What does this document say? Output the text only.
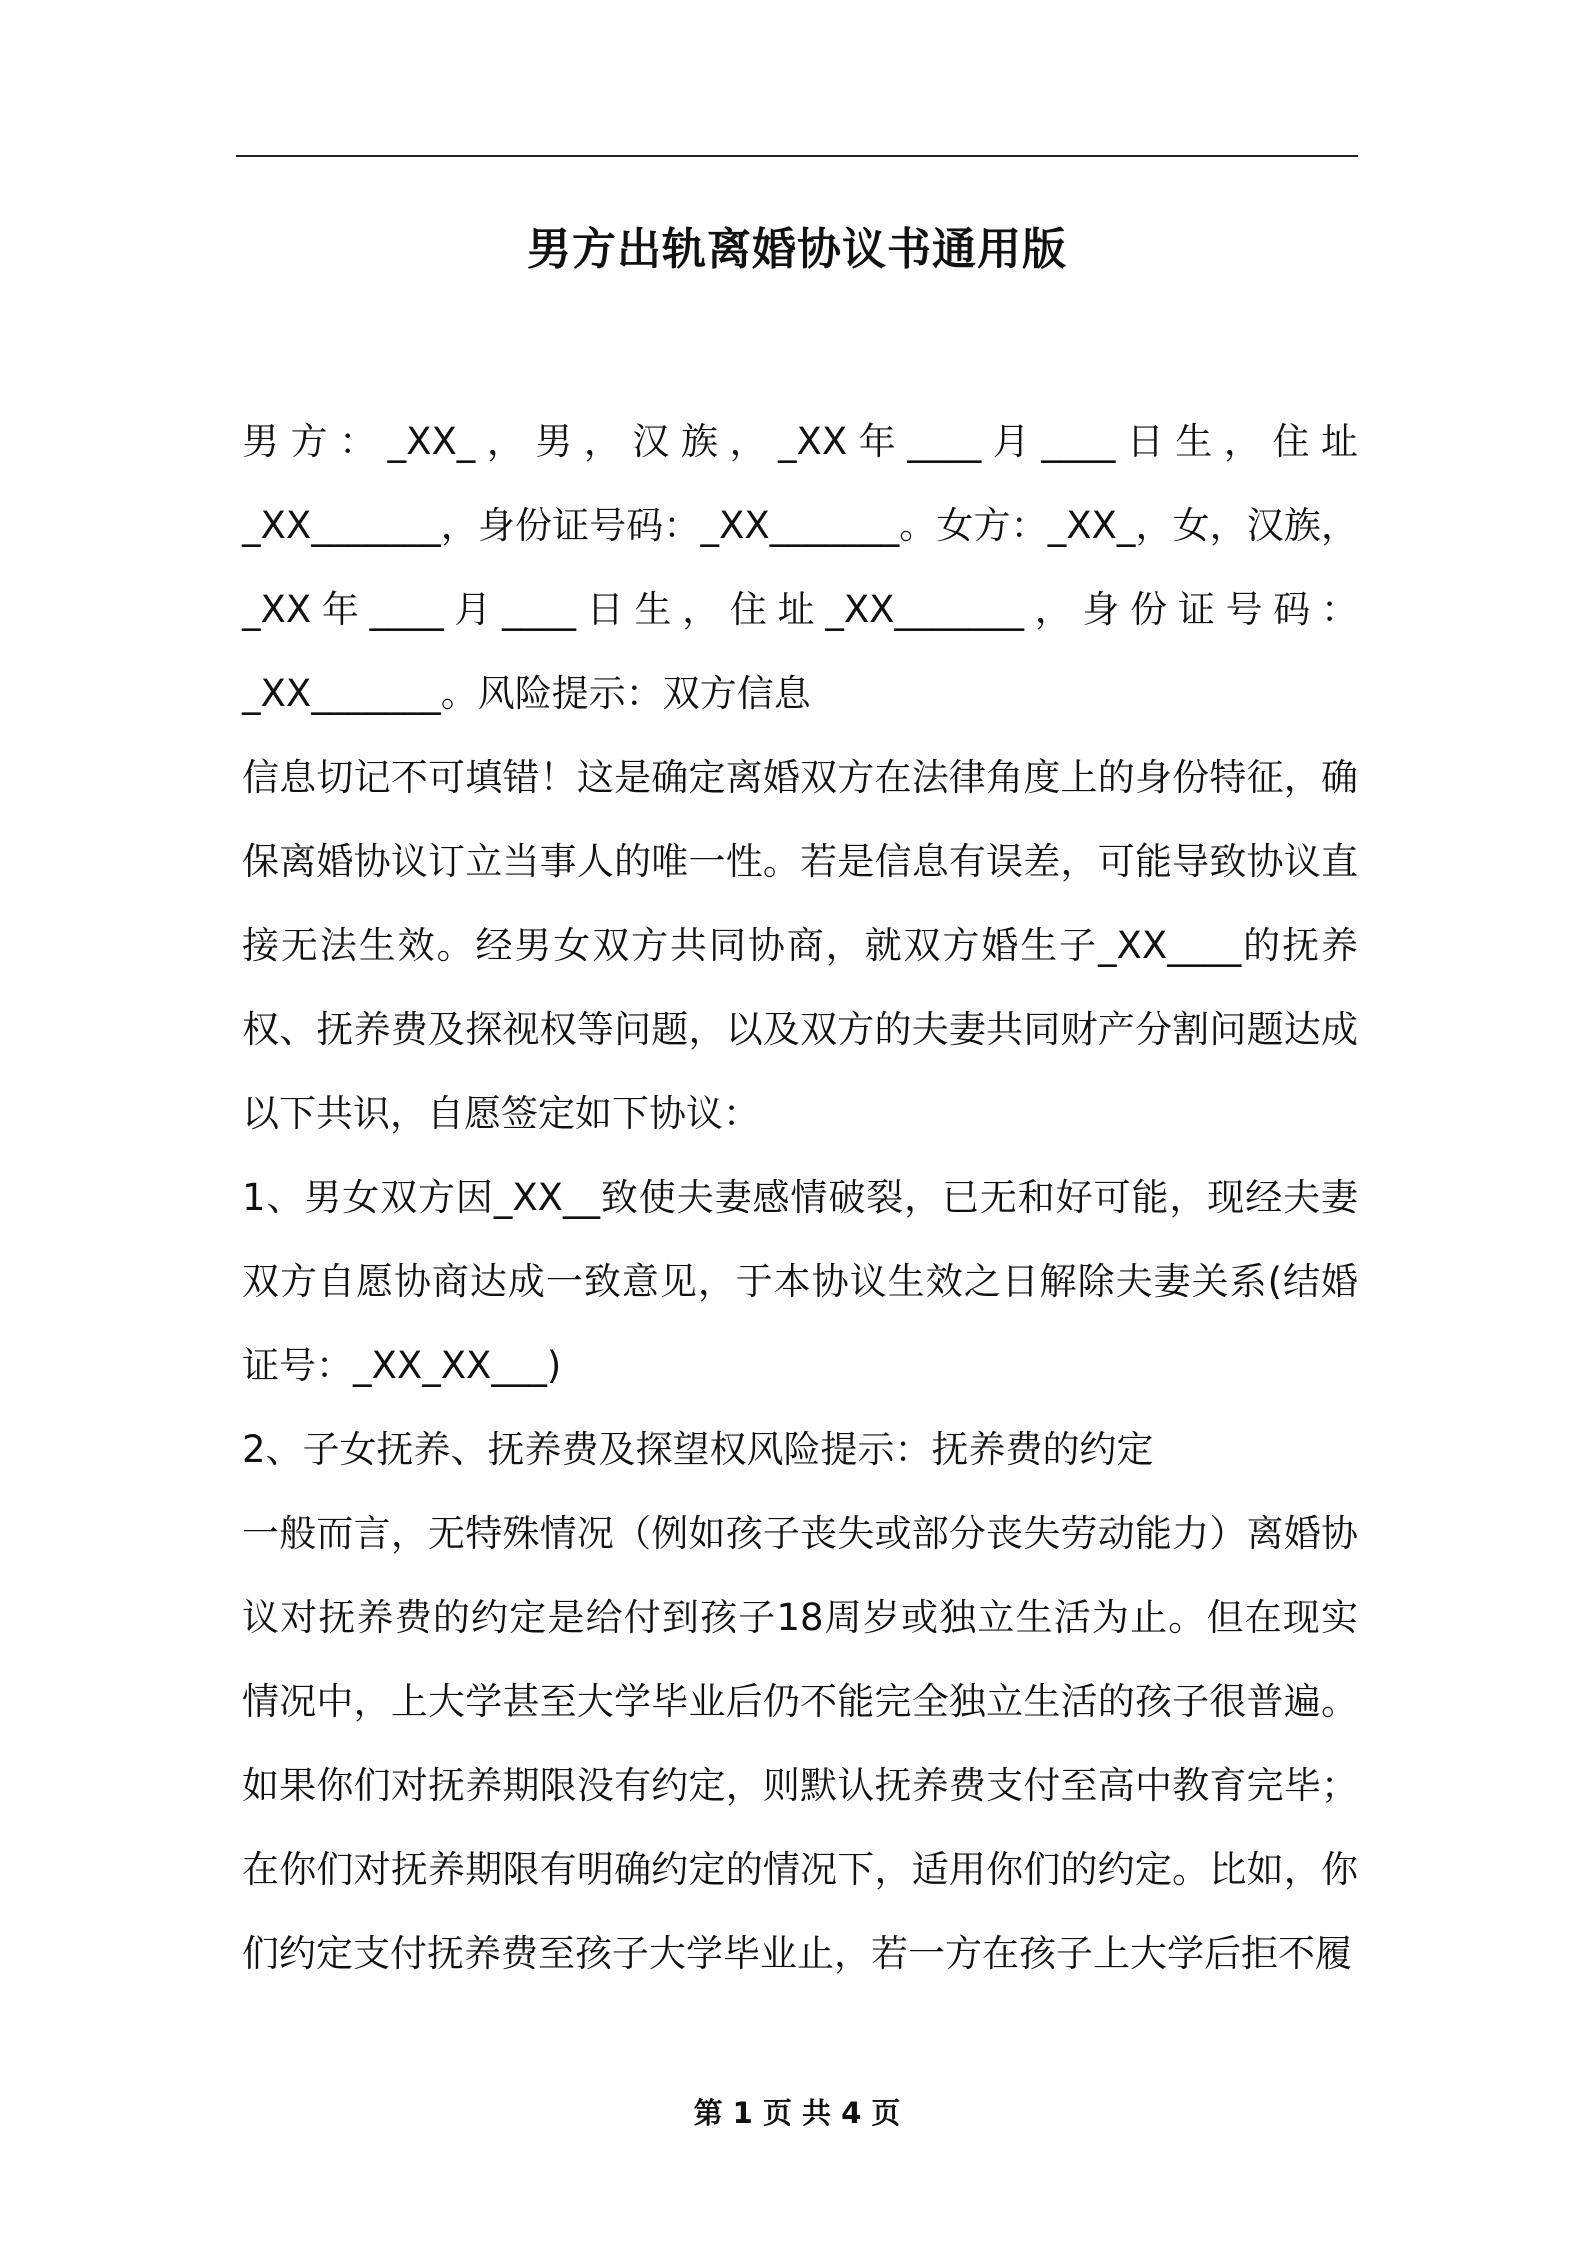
男方出轨离婚协议书通用版

男方：_XX_，男，汉族，_XX年____月____日生，住址_XX_______，身份证号码：_XX_______。女方：_XX_，女，汉族，_XX年____月____日生，住址_XX_______，身份证号码：_XX_______。风险提示：双方信息

信息切记不可填错！这是确定离婚双方在法律角度上的身份特征，确保离婚协议订立当事人的唯一性。若是信息有误差，可能导致协议直接无法生效。经男女双方共同协商，就双方婚生子_XX____的抚养权、抚养费及探视权等问题，以及双方的夫妻共同财产分割问题达成以下共识，自愿签定如下协议：

1、男女双方因_XX__致使夫妻感情破裂，已无和好可能，现经夫妻双方自愿协商达成一致意见，于本协议生效之日解除夫妻关系(结婚证号：_XX_XX___)

2、子女抚养、抚养费及探望权风险提示：抚养费的约定

一般而言，无特殊情况（例如孩子丧失或部分丧失劳动能力）离婚协议对抚养费的约定是给付到孩子18周岁或独立生活为止。但在现实情况中，上大学甚至大学毕业后仍不能完全独立生活的孩子很普遍。如果你们对抚养期限没有约定，则默认抚养费支付至高中教育完毕；在你们对抚养期限有明确约定的情况下，适用你们的约定。比如，你们约定支付抚养费至孩子大学毕业止，若一方在孩子上大学后拒不履

第 1 页 共 4 页
